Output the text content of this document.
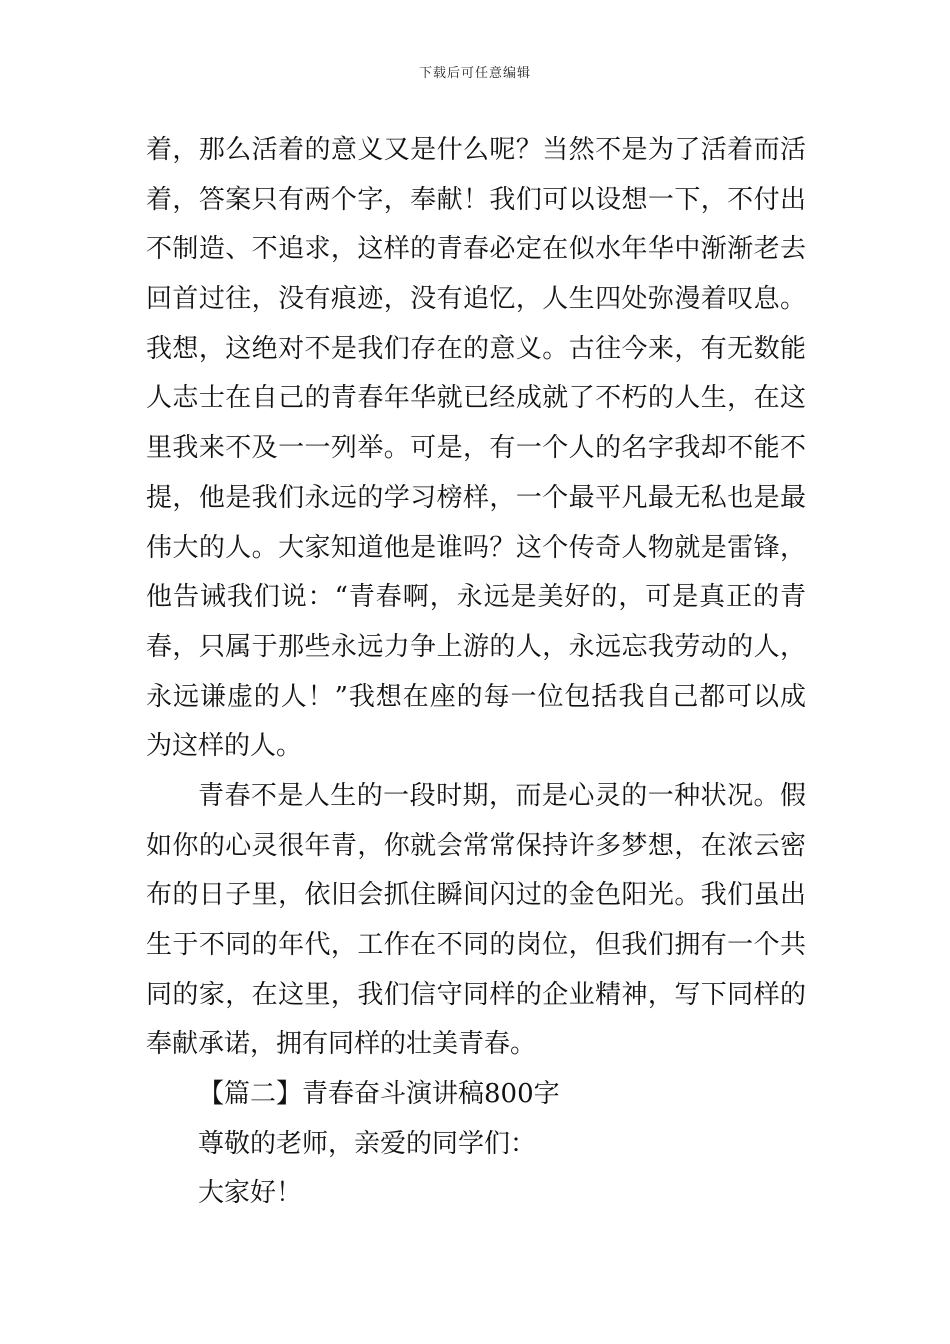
下载后可任意编辑
着，那么活着的意义又是什么呢？当然不是为了活着而活
着，答案只有两个字，奉献！我们可以设想一下，不付出
不制造、不追求，这样的青春必定在似水年华中渐渐老去
回首过往，没有痕迹，没有追忆，人生四处弥漫着叹息。
我想，这绝对不是我们存在的意义。古往今来，有无数能
人志士在自己的青春年华就已经成就了不朽的人生，在这
里我来不及一一列举。可是，有一个人的名字我却不能不
提，他是我们永远的学习榜样，一个最平凡最无私也是最
伟大的人。大家知道他是谁吗？这个传奇人物就是雷锋，
他告诫我们说：“青春啊，永远是美好的，可是真正的青
春，只属于那些永远力争上游的人，永远忘我劳动的人，
永远谦虚的人！”我想在座的每一位包括我自己都可以成
为这样的人。
青春不是人生的一段时期，而是心灵的一种状况。假
如你的心灵很年青，你就会常常保持许多梦想，在浓云密
布的日子里，依旧会抓住瞬间闪过的金色阳光。我们虽出
生于不同的年代，工作在不同的岗位，但我们拥有一个共
同的家，在这里，我们信守同样的企业精神，写下同样的
奉献承诺，拥有同样的壮美青春。
【篇二】青春奋斗演讲稿800字
尊敬的老师，亲爱的同学们：
大家好！
